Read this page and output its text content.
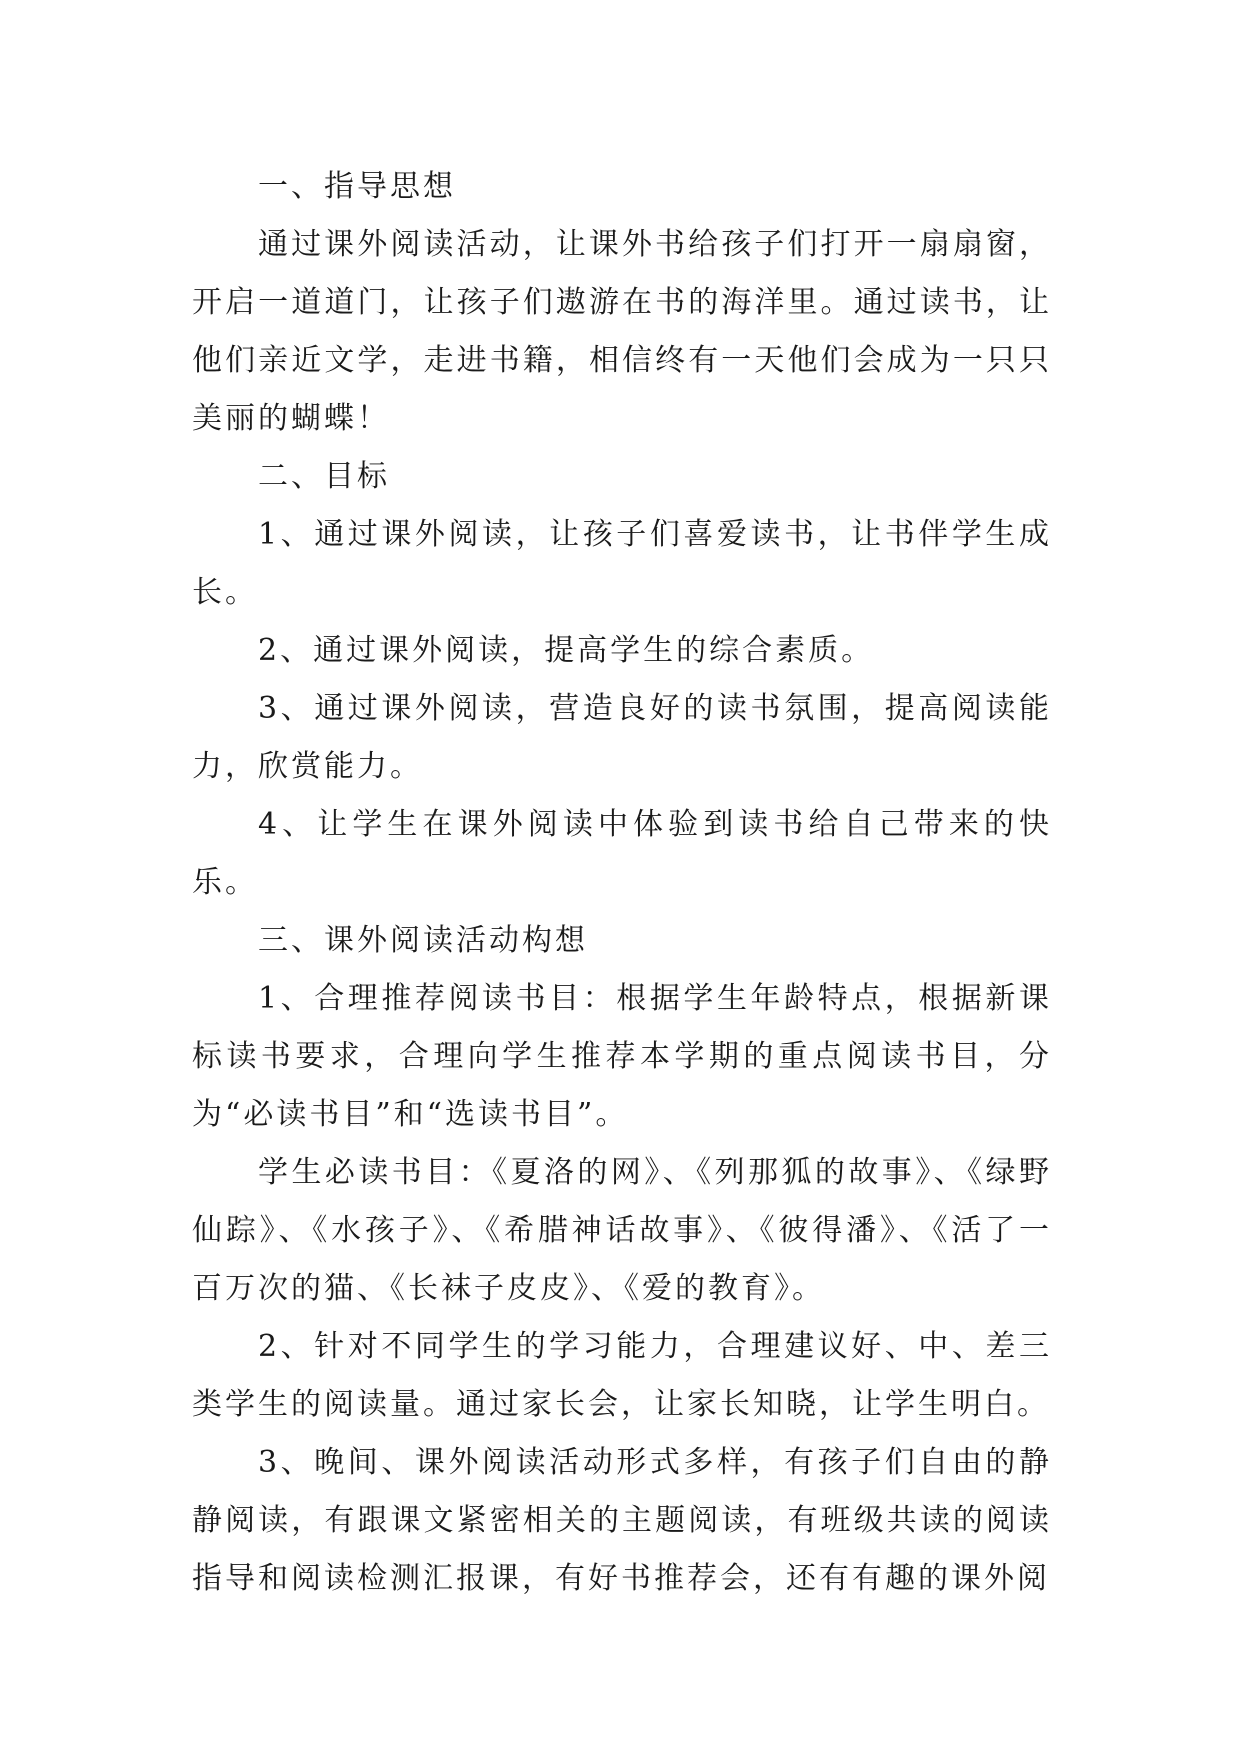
一、指导思想

通过课外阅读活动，让课外书给孩子们打开一扇扇窗，开启一道道门，让孩子们遨游在书的海洋里。通过读书，让他们亲近文学，走进书籍，相信终有一天他们会成为一只只美丽的蝴蝶！

二、目标

1、通过课外阅读，让孩子们喜爱读书，让书伴学生成长。

2、通过课外阅读，提高学生的综合素质。

3、通过课外阅读，营造良好的读书氛围，提高阅读能力，欣赏能力。

4、让学生在课外阅读中体验到读书给自己带来的快乐。

三、课外阅读活动构想

1、合理推荐阅读书目：根据学生年龄特点，根据新课标读书要求，合理向学生推荐本学期的重点阅读书目，分为“必读书目”和“选读书目”。

学生必读书目：《夏洛的网》、《列那狐的故事》、《绿野仙踪》、《水孩子》、《希腊神话故事》、《彼得潘》、《活了一百万次的猫、《长袜子皮皮》、《爱的教育》。

2、针对不同学生的学习能力，合理建议好、中、差三类学生的阅读量。通过家长会，让家长知晓，让学生明白。

3、晚间、课外阅读活动形式多样，有孩子们自由的静静阅读，有跟课文紧密相关的主题阅读，有班级共读的阅读指导和阅读检测汇报课，有好书推荐会，还有有趣的课外阅
